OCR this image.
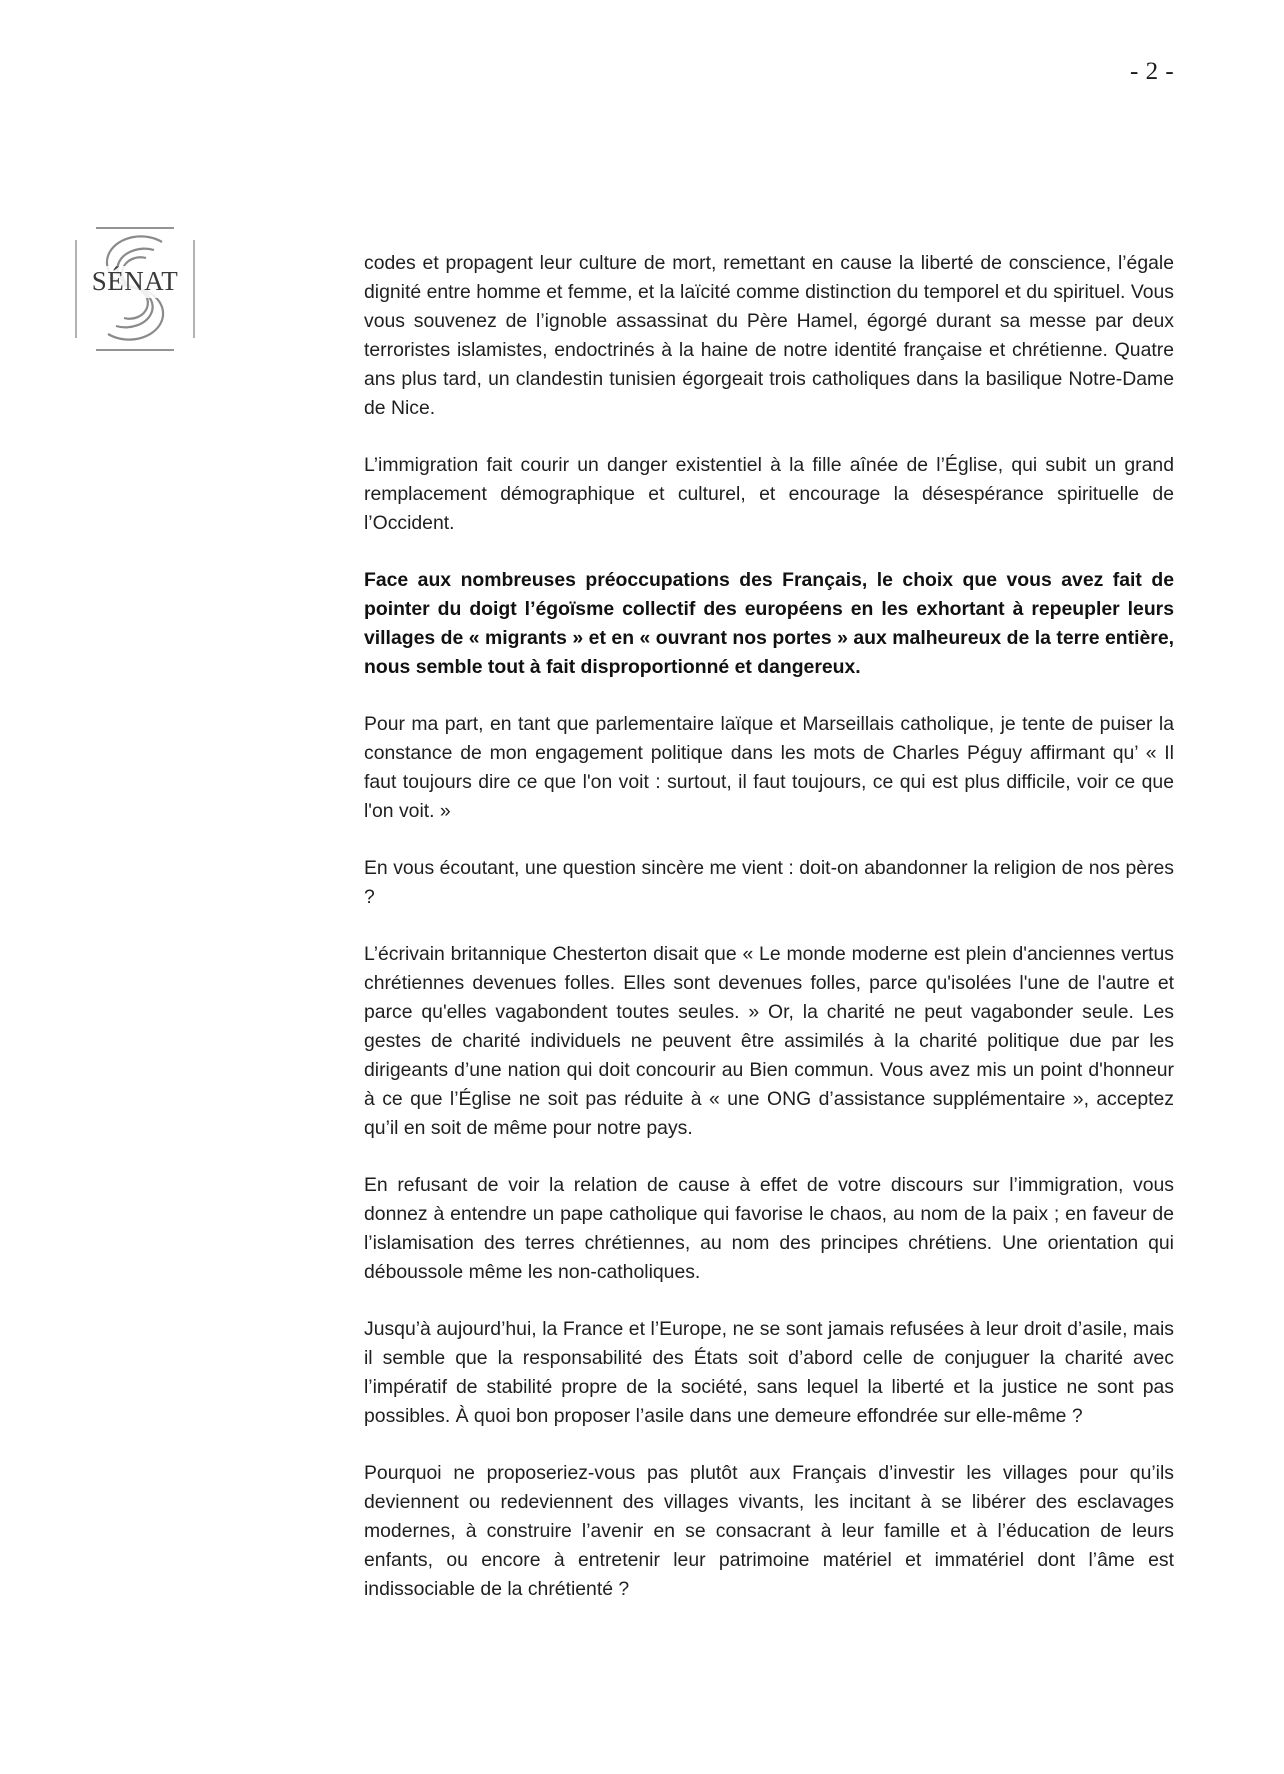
- 2 -
SÉNAT

codes et propagent leur culture de mort, remettant en cause la liberté de conscience, l’égale dignité entre homme et femme, et la laïcité comme distinction du temporel et du spirituel. Vous vous souvenez de l’ignoble assassinat du Père Hamel, égorgé durant sa messe par deux terroristes islamistes, endoctrinés à la haine de notre identité française et chrétienne. Quatre ans plus tard, un clandestin tunisien égorgeait trois catholiques dans la basilique Notre-Dame de Nice.

L’immigration fait courir un danger existentiel à la fille aînée de l’Église, qui subit un grand remplacement démographique et culturel, et encourage la désespérance spirituelle de l’Occident.

Face aux nombreuses préoccupations des Français, le choix que vous avez fait de pointer du doigt l’égoïsme collectif des européens en les exhortant à repeupler leurs villages de « migrants » et en « ouvrant nos portes » aux malheureux de la terre entière, nous semble tout à fait disproportionné et dangereux.

Pour ma part, en tant que parlementaire laïque et Marseillais catholique, je tente de puiser la constance de mon engagement politique dans les mots de Charles Péguy affirmant qu’ « Il faut toujours dire ce que l'on voit : surtout, il faut toujours, ce qui est plus difficile, voir ce que l'on voit. »

En vous écoutant, une question sincère me vient : doit-on abandonner la religion de nos pères ?

L’écrivain britannique Chesterton disait que « Le monde moderne est plein d'anciennes vertus chrétiennes devenues folles. Elles sont devenues folles, parce qu'isolées l'une de l'autre et parce qu'elles vagabondent toutes seules. » Or, la charité ne peut vagabonder seule. Les gestes de charité individuels ne peuvent être assimilés à la charité politique due par les dirigeants d’une nation qui doit concourir au Bien commun. Vous avez mis un point d'honneur à ce que l’Église ne soit pas réduite à « une ONG d’assistance supplémentaire », acceptez qu’il en soit de même pour notre pays.

En refusant de voir la relation de cause à effet de votre discours sur l’immigration, vous donnez à entendre un pape catholique qui favorise le chaos, au nom de la paix ; en faveur de l’islamisation des terres chrétiennes, au nom des principes chrétiens. Une orientation qui déboussole même les non-catholiques.

Jusqu’à aujourd’hui, la France et l’Europe, ne se sont jamais refusées à leur droit d’asile, mais il semble que la responsabilité des États soit d’abord celle de conjuguer la charité avec l’impératif de stabilité propre de la société, sans lequel la liberté et la justice ne sont pas possibles. À quoi bon proposer l’asile dans une demeure effondrée sur elle-même ?

Pourquoi ne proposeriez-vous pas plutôt aux Français d’investir les villages pour qu’ils deviennent ou redeviennent des villages vivants, les incitant à se libérer des esclavages modernes, à construire l’avenir en se consacrant à leur famille et à l’éducation de leurs enfants, ou encore à entretenir leur patrimoine matériel et immatériel dont l’âme est indissociable de la chrétienté ?
